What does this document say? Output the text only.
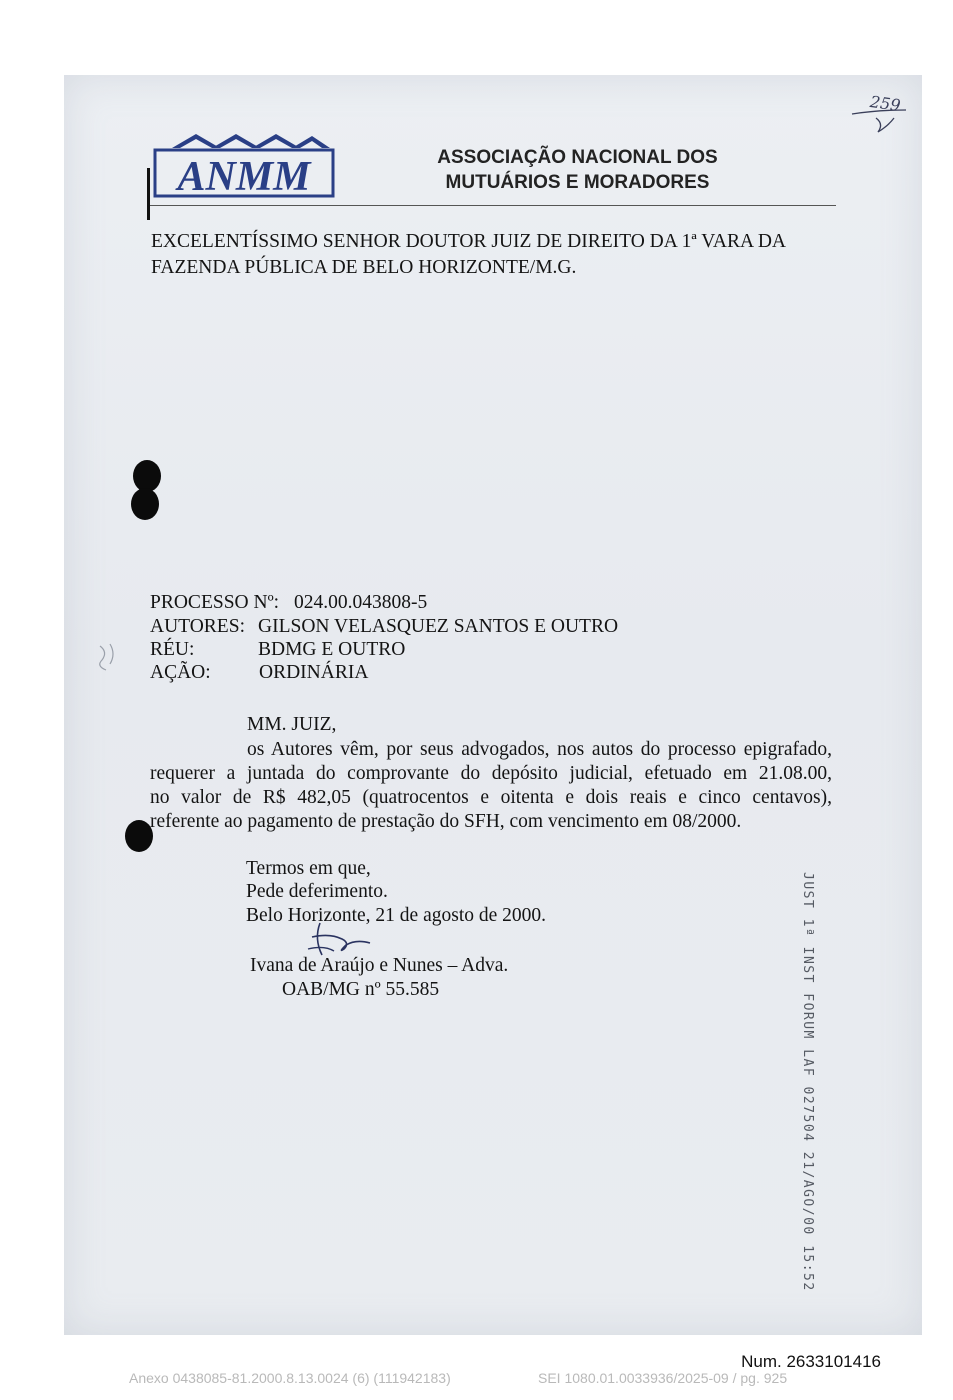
259
ANMM	ASSOCIAÇÃO NACIONAL DOS
MUTUÁRIOS E MORADORES
EXCELENTÍSSIMO SENHOR DOUTOR JUIZ DE DIREITO DA 1ª VARA DA
FAZENDA PÚBLICA DE BELO HORIZONTE/M.G.
PROCESSO Nº: 024.00.043808-5
AUTORES: GILSON VELASQUEZ SANTOS E OUTRO
RÉU:	BDMG E OUTRO
AÇÃO: ORDINÁRIA
MM. JUIZ,
os Autores vêm, por seus advogados, nos autos do processo epigrafado,
requerer a juntada do comprovante do depósito judicial, efetuado em 21.08.00,
no valor de R$ 482,05 (quatrocentos e oitenta e dois reais e cinco centavos),
referente ao pagamento de prestação do SFH, com vencimento em 08/2000.
Termos em que,
Pede deferimento.
Belo Horizonte, 21 de agosto de 2000.
Ivana de Araújo e Nunes – Adva.
OAB/MG nº 55.585	JUST 1ª INST FORUM LAF 027504 21/AGO/00 15:52
Num. 2633101416
Anexo 0438085-81.2000.8.13.0024 (6) (111942183)	SEI 1080.01.0033936/2025-09 / pg. 925
